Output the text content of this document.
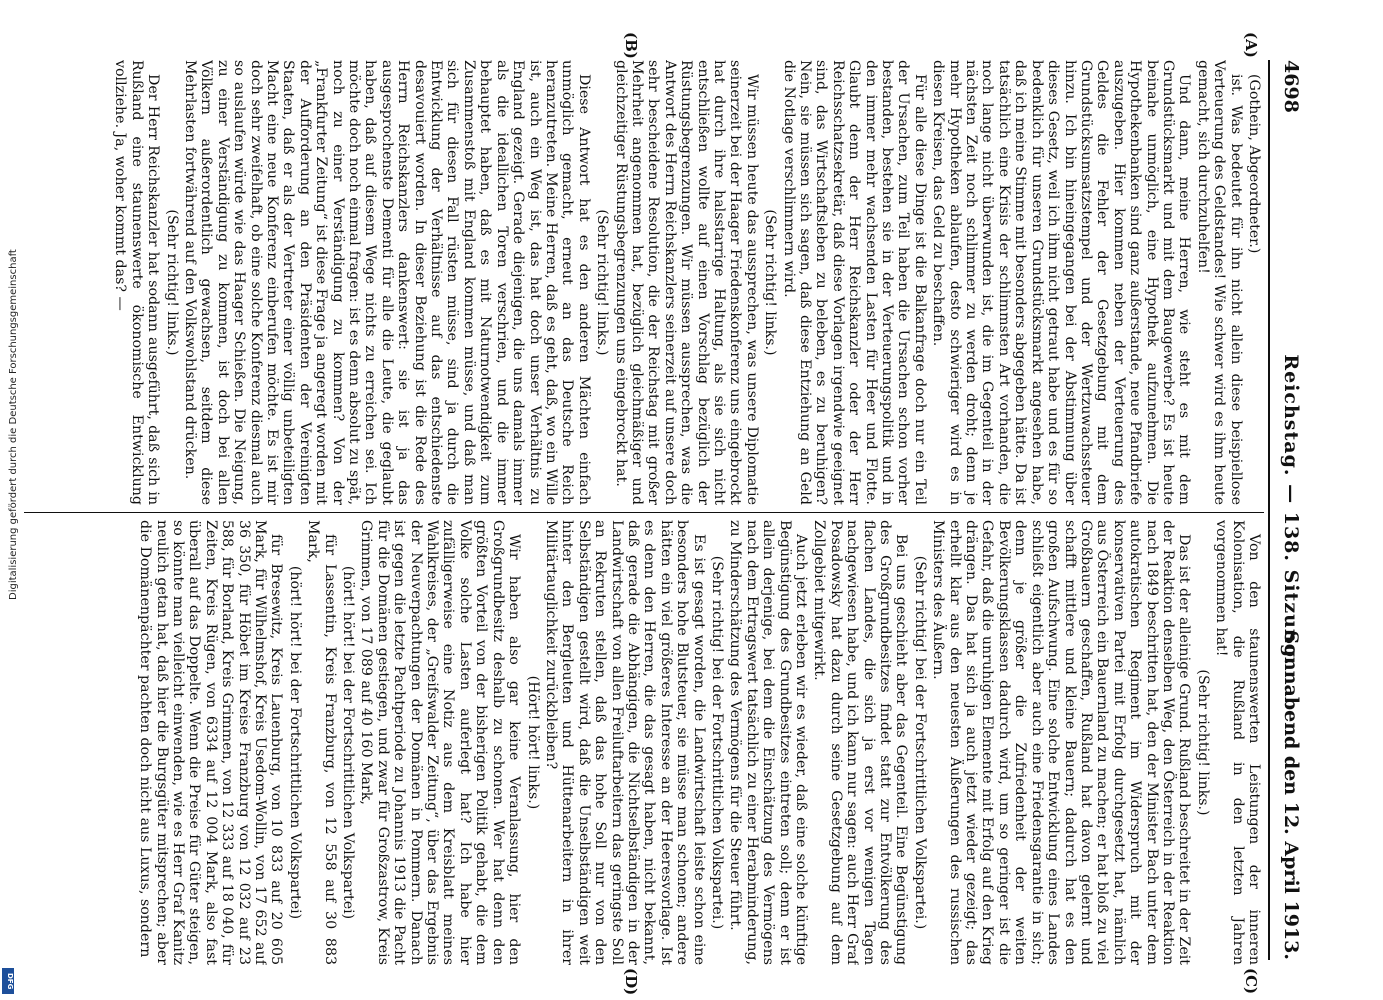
4698
Reichstag. — 138. Sitzung.
Sonnabend den 12. April 1913.
(A)
(B)
(C)
(D)

(Gothein, Abgeordneter.)

ist. Was bedeutet für ihn nicht allein diese beispiellose Verteuerung des Geldstandes! Wie schwer wird es ihm heute gemacht, sich durchzuhelfen!

Und dann, meine Herren, wie steht es mit dem Grundstücksmarkt und mit dem Baugewerbe? Es ist heute beinahe unmöglich, eine Hypothek aufzunehmen. Die Hypothekenbanken sind ganz außerstande, neue Pfandbriefe auszugeben. Hier kommen neben der Verteuerung des Geldes die Fehler der Gesetzgebung mit dem Grundstücksumsatzstempel und der Wertzuwachssteuer hinzu. Ich bin hineingegangen bei der Abstimmung über dieses Gesetz, weil ich ihm nicht getraut habe und es für so bedenklich für unseren Grundstücksmarkt angesehen habe, daß ich meine Stimme mit besonders abgegeben hätte. Da ist tatsächlich eine Krisis der schlimmsten Art vorhanden, die noch lange nicht überwunden ist, die im Gegenteil in der nächsten Zeit noch schlimmer zu werden droht; denn je mehr Hypotheken ablaufen, desto schwieriger wird es in diesen Kreisen, das Geld zu beschaffen.

Für alle diese Dinge ist die Balkanfrage doch nur ein Teil der Ursachen, zum Teil haben die Ursachen schon vorher bestanden, bestehen sie in der Verteuerungspolitik und in den immer mehr wachsenden Lasten für Heer und Flotte. Glaubt denn der Herr Reichskanzler oder der Herr Reichsschatzsekretär, daß diese Vorlagen irgendwie geeignet sind, das Wirtschaftsleben zu beleben, es zu beruhigen? Nein, sie müssen sich sagen, daß diese Entziehung an Geld die Notlage verschlimmern wird.

(Sehr richtig! links.)

Wir müssen heute das aussprechen, was unsere Diplomatie seinerzeit bei der Haager Friedenskonferenz uns eingebrockt hat durch ihre halsstarrige Haltung, als sie sich nicht entschließen wollte auf einen Vorschlag bezüglich der Rüstungsbegrenzungen. Wir müssen aussprechen, was die Antwort des Herrn Reichskanzlers seinerzeit auf unsere doch sehr bescheidene Resolution, die der Reichstag mit großer Mehrheit angenommen hat, bezüglich gleichmäßiger und gleichzeitiger Rüstungsbegrenzungen uns eingebrockt hat.

(Sehr richtig! links.)

Diese Antwort hat es den anderen Mächten einfach unmöglich gemacht, erneut an das Deutsche Reich heranzutreten. Meine Herren, daß es geht, daß, wo ein Wille ist, auch ein Weg ist, das hat doch unser Verhältnis zu England gezeigt. Gerade diejenigen, die uns damals immer als die ideallichen Toren verschrien, und die immer behauptet haben, daß es mit Naturnotwendigkeit zum Zusammenstoß mit England kommen müsse, und daß man sich für diesen Fall rüsten müsse, sind ja durch die Entwicklung der Verhältnisse auf das entschiedenste desavouiert worden. In dieser Beziehung ist die Rede des Herrn Reichskanzlers dankenswert: sie ist ja das ausgesprochenste Dementi für alle die Leute, die geglaubt haben, daß auf diesem Wege nichts zu erreichen sei. Ich möchte doch noch einmal fragen: ist es denn absolut zu spät, noch zu einer Verständigung zu kommen? Von der „Frankfurter Zeitung“ ist diese Frage ja angeregt worden mit der Aufforderung an den Präsidenten der Vereinigten Staaten, daß er als der Vertreter einer völlig unbeteiligten Macht eine neue Konferenz einberufen möchte. Es ist mir doch sehr zweifelhaft, ob eine solche Konferenz diesmal auch so auslaufen würde wie das Haager Schießen. Die Neigung, zu einer Verständigung zu kommen, ist doch bei allen Völkern außerordentlich gewachsen, seitdem diese Mehrlasten fortwährend auf den Volkswohlstand drücken.

(Sehr richtig! links.)

Der Herr Reichskanzler hat sodann ausgeführt, daß sich in Rußland eine staunenswerte ökonomische Entwicklung vollziehe. Ja, woher kommt das? —

Von den staunenswerten Leistungen der inneren Kolonisation, die Rußland in den letzten Jahren vorgenommen hat!

(Sehr richtig! links.)

Das ist der alleinige Grund. Rußland beschreitet in der Zeit der Reaktion denselben Weg, den Österreich in der Reaktion nach 1849 beschritten hat, den der Minister Bach unter dem autokratischen Regiment im Widerspruch mit der konservativen Partei mit Erfolg durchgesetzt hat, nämlich aus Österreich ein Bauernland zu machen; er hat bloß zu viel Großbauern geschaffen, Rußland hat davon gelernt und schafft mittlere und kleine Bauern; dadurch hat es den großen Aufschwung. Eine solche Entwicklung eines Landes schließt eigentlich aber auch eine Friedensgarantie in sich; denn je größer die Zufriedenheit der weiten Bevölkerungsklassen dadurch wird, um so geringer ist die Gefahr, daß die unruhigen Elemente mit Erfolg auf den Krieg drängen. Das hat sich ja auch jetzt wieder gezeigt; das erhellt klar aus den neuesten Äußerungen des russischen Ministers des Äußern.

(Sehr richtig! bei der Fortschrittlichen Volkspartei.)

Bei uns geschieht aber das Gegenteil. Eine Begünstigung des Großgrundbesitzes findet statt zur Entvölkerung des flachen Landes, die sich ja erst vor wenigen Tagen nachgewiesen habe, und ich kann nur sagen: auch Herr Graf Posadowsky hat dazu durch seine Gesetzgebung auf dem Zollgebiet mitgewirkt.

Auch jetzt erleben wir es wieder, daß eine solche künftige Begünstigung des Grundbesitzes eintreten soll; denn er ist allein derjenige, bei dem die Einschätzung des Vermögens nach dem Ertragswert tatsächlich zu einer Herabminderung, zu Minderschätzung des Vermögens für die Steuer führt.

(Sehr richtig! bei der Fortschrittlichen Volkspartei.)

Es ist gesagt worden, die Landwirtschaft leiste schon eine besonders hohe Blutsteuer, sie müsse man schonen; andere hätten ein viel größeres Interesse an der Heeresvorlage. Ist es denn den Herren, die das gesagt haben, nicht bekannt, daß gerade die Abhängigen, die Nichtselbständigen in der Landwirtschaft von allen Freiluftarbeitern das geringste Soll an Rekruten stellen, daß das hohe Soll nur von den Selbständigen gestellt wird, daß die Unselbständigen weit hinter den Bergleuten und Hüttenarbeitern in ihrer Militärtauglichkeit zurückbleiben?

(Hört! hört! links.)

Wir haben also gar keine Veranlassung, hier den Großgrundbesitz deshalb zu schonen. Wer hat denn den größten Vorteil von der bisherigen Politik gehabt, die dem Volke solche Lasten auferlegt hat? Ich habe hier zufälligerweise eine Notiz aus dem Kreisblatt meines Wahlkreises, der „Greifswalder Zeitung“, über das Ergebnis der Neuverpachtungen der Domänen in Pommern. Danach ist gegen die letzte Pachtperiode zu Johannis 1913 die Pacht für die Domänen gestiegen, und zwar für Großzastrow, Kreis Grimmen, von 17 089 auf 40 160 Mark,

(hört! hört! bei der Fortschrittlichen Volkspartei)

für Lassentin, Kreis Franzburg, von 12 558 auf 30 883 Mark,

(hört! hört! bei der Fortschrittlichen Volkspartei)

für Bresewitz, Kreis Lauenburg, von 10 833 auf 20 605 Mark, für Wilhelmshof, Kreis Usedom-Wollin, von 17 652 auf 36 350, für Höbet im Kreise Franzburg von 12 032 auf 23 588, für Borland, Kreis Grimmen, von 12 333 auf 18 040, für Zeiten, Kreis Rügen, von 6334 auf 12 004 Mark, also fast überall auf das Doppelte. Wenn die Preise für Güter steigen, so könnte man vielleicht einwenden, wie es Herr Graf Kanitz neulich getan hat, daß hier die Burgsgüter mitsprechen; aber die Domänenpächter pachten doch nicht aus Luxus, sondern

Digitalisierung gefördert durch die Deutsche Forschungsgemeinschaft
DFG
